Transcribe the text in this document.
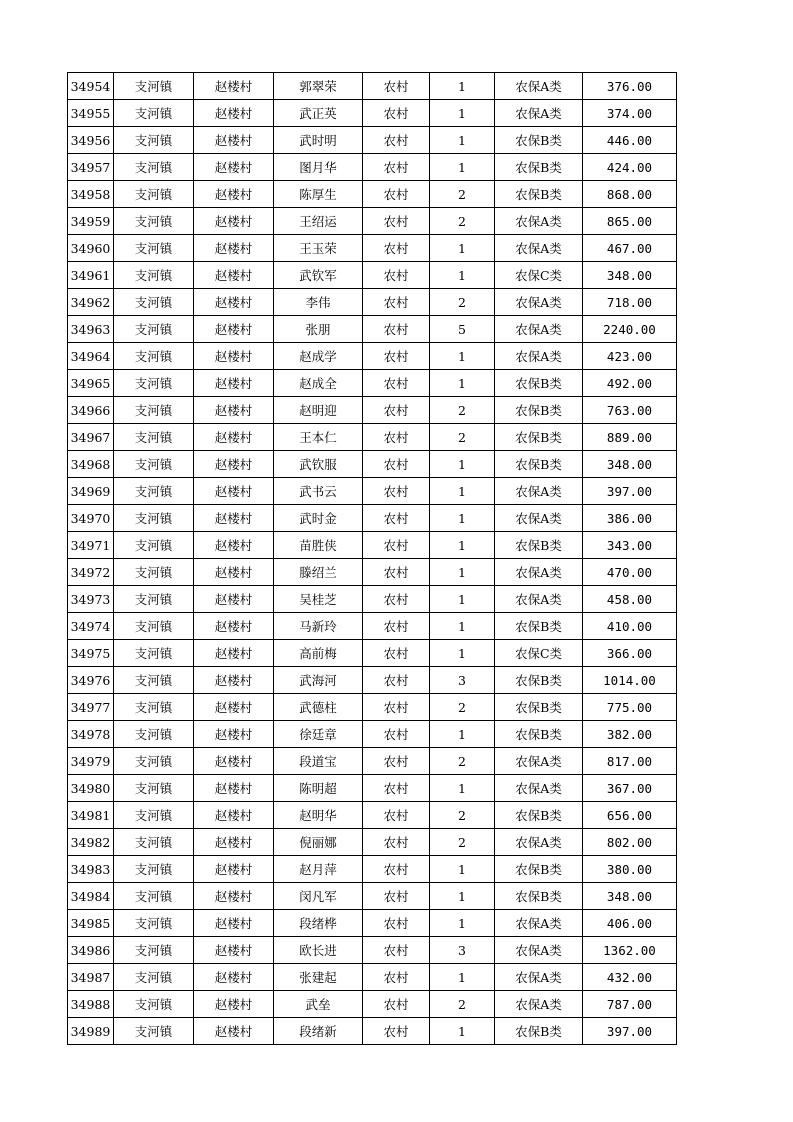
34954	支河镇	赵楼村	郭翠荣	农村	1	农保A类	376.00
34955	支河镇	赵楼村	武正英	农村	1	农保A类	374.00
34956	支河镇	赵楼村	武时明	农村	1	农保B类	446.00
34957	支河镇	赵楼村	图月华	农村	1	农保B类	424.00
34958	支河镇	赵楼村	陈厚生	农村	2	农保B类	868.00
34959	支河镇	赵楼村	王绍运	农村	2	农保A类	865.00
34960	支河镇	赵楼村	王玉荣	农村	1	农保A类	467.00
34961	支河镇	赵楼村	武钦军	农村	1	农保C类	348.00
34962	支河镇	赵楼村	李伟	农村	2	农保A类	718.00
34963	支河镇	赵楼村	张朋	农村	5	农保A类	2240.00
34964	支河镇	赵楼村	赵成学	农村	1	农保A类	423.00
34965	支河镇	赵楼村	赵成全	农村	1	农保B类	492.00
34966	支河镇	赵楼村	赵明迎	农村	2	农保B类	763.00
34967	支河镇	赵楼村	王本仁	农村	2	农保B类	889.00
34968	支河镇	赵楼村	武钦服	农村	1	农保B类	348.00
34969	支河镇	赵楼村	武书云	农村	1	农保A类	397.00
34970	支河镇	赵楼村	武时金	农村	1	农保A类	386.00
34971	支河镇	赵楼村	苗胜侠	农村	1	农保B类	343.00
34972	支河镇	赵楼村	滕绍兰	农村	1	农保A类	470.00
34973	支河镇	赵楼村	吴桂芝	农村	1	农保A类	458.00
34974	支河镇	赵楼村	马新玲	农村	1	农保B类	410.00
34975	支河镇	赵楼村	高前梅	农村	1	农保C类	366.00
34976	支河镇	赵楼村	武海河	农村	3	农保B类	1014.00
34977	支河镇	赵楼村	武德柱	农村	2	农保B类	775.00
34978	支河镇	赵楼村	徐廷章	农村	1	农保B类	382.00
34979	支河镇	赵楼村	段道宝	农村	2	农保A类	817.00
34980	支河镇	赵楼村	陈明超	农村	1	农保A类	367.00
34981	支河镇	赵楼村	赵明华	农村	2	农保B类	656.00
34982	支河镇	赵楼村	倪丽娜	农村	2	农保A类	802.00
34983	支河镇	赵楼村	赵月萍	农村	1	农保B类	380.00
34984	支河镇	赵楼村	闵凡军	农村	1	农保B类	348.00
34985	支河镇	赵楼村	段绪桦	农村	1	农保A类	406.00
34986	支河镇	赵楼村	欧长进	农村	3	农保A类	1362.00
34987	支河镇	赵楼村	张建起	农村	1	农保A类	432.00
34988	支河镇	赵楼村	武垒	农村	2	农保A类	787.00
34989	支河镇	赵楼村	段绪新	农村	1	农保B类	397.00
